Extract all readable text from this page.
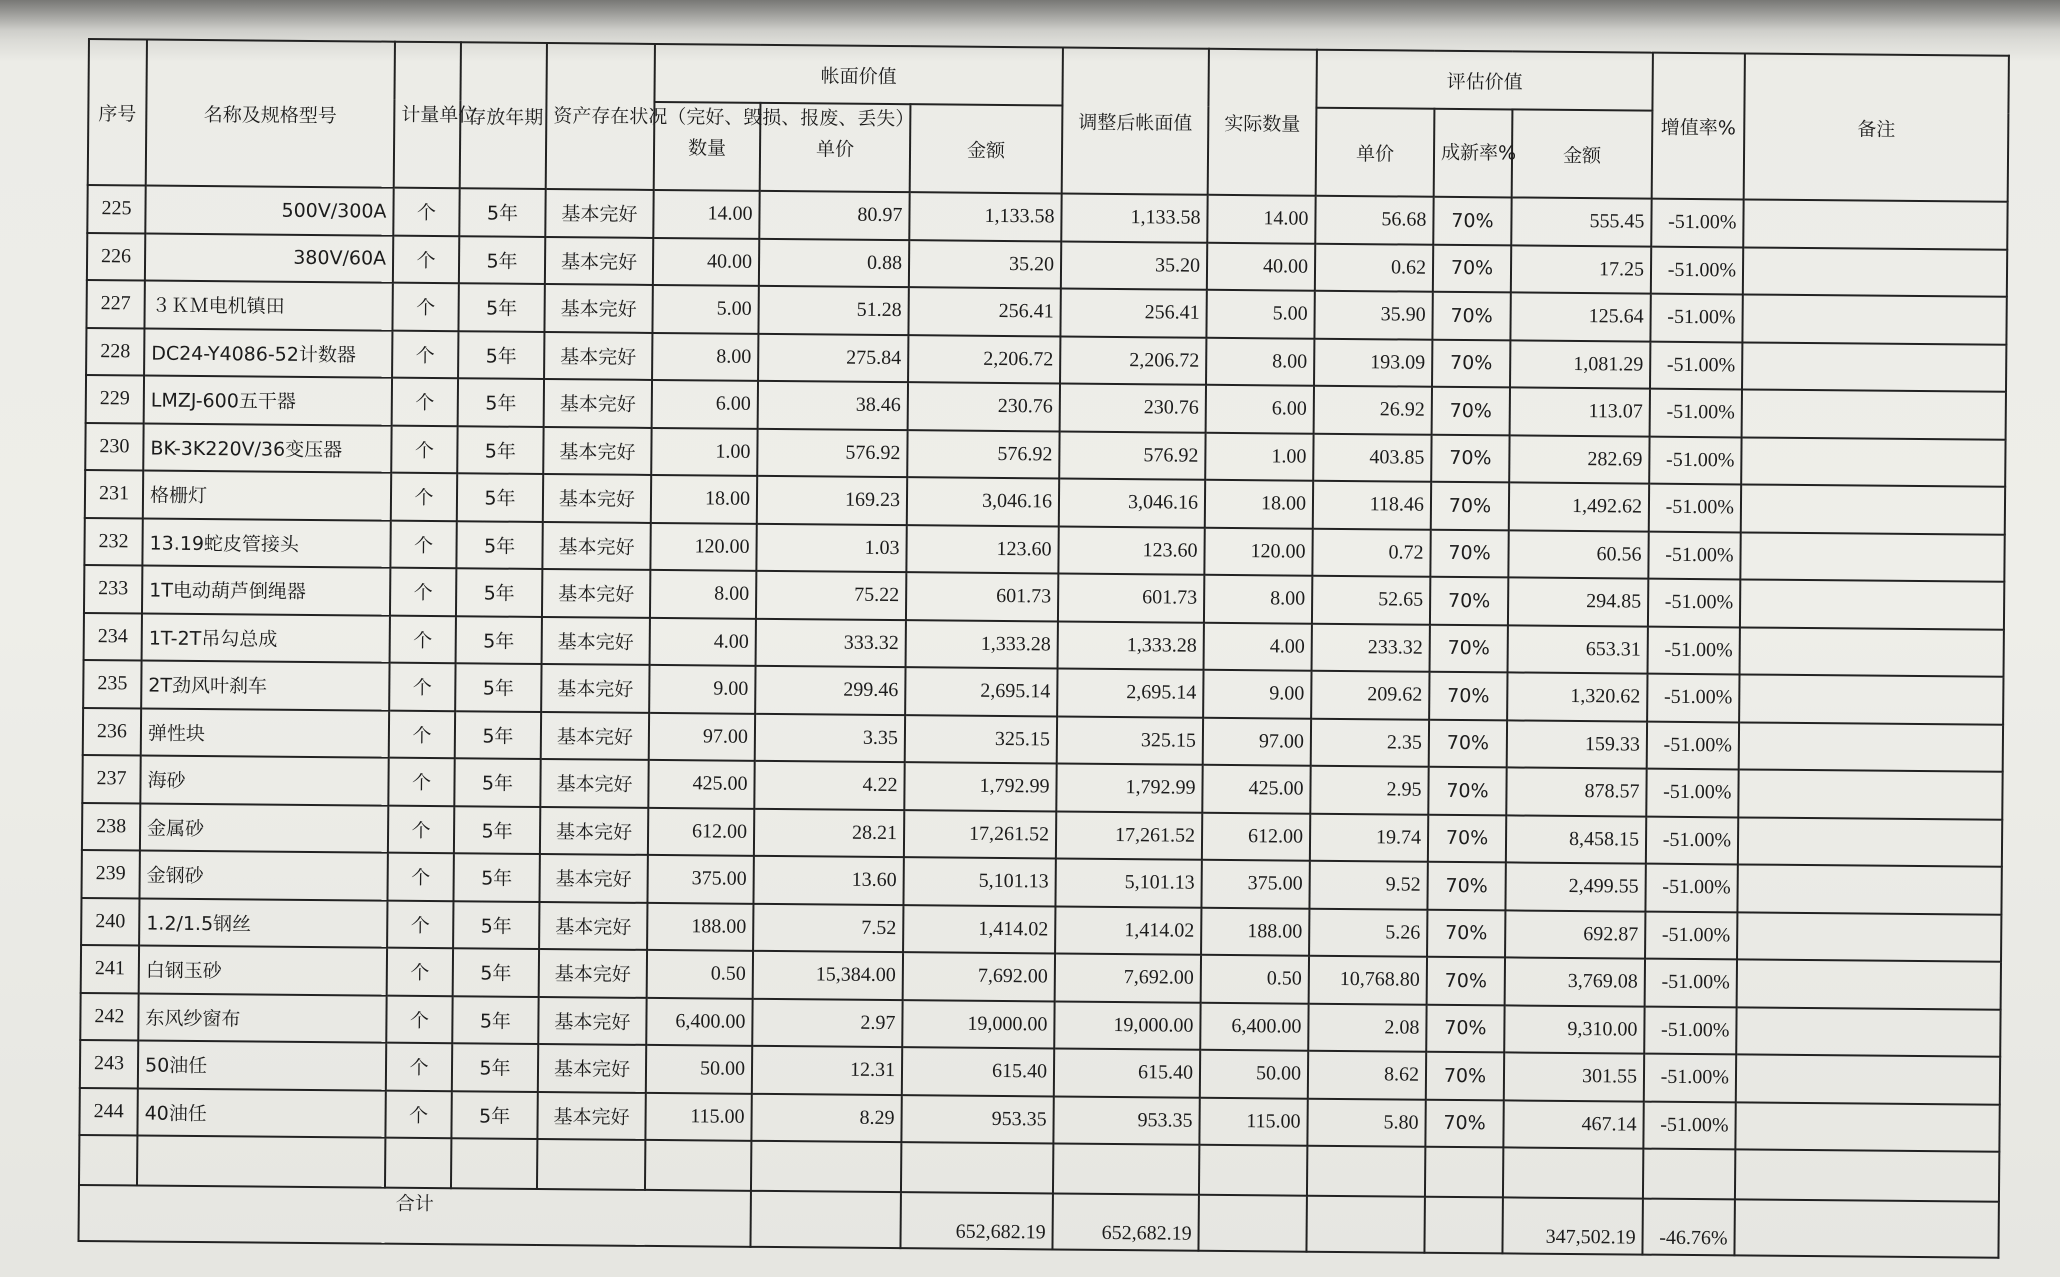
序号	名称及规格型号	计量单位	存放年期	资产存在状况（完好、毁损、报废、丢失）	帐面价值			调整后帐面值	实际数量	评估价值			增值率%	备注
					数量	单价	金额			单价	成新率%	金额		
225	500V/300A	个	5年	基本完好	14.00	80.97	1,133.58	1,133.58	14.00	56.68	70%	555.45	-51.00%	
226	380V/60A	个	5年	基本完好	40.00	0.88	35.20	35.20	40.00	0.62	70%	17.25	-51.00%	
227	３ＫＭ电机镇田	个	5年	基本完好	5.00	51.28	256.41	256.41	5.00	35.90	70%	125.64	-51.00%	
228	DC24-Y4086-52计数器	个	5年	基本完好	8.00	275.84	2,206.72	2,206.72	8.00	193.09	70%	1,081.29	-51.00%	
229	LMZJ-600五干器	个	5年	基本完好	6.00	38.46	230.76	230.76	6.00	26.92	70%	113.07	-51.00%	
230	BK-3K220V/36变压器	个	5年	基本完好	1.00	576.92	576.92	576.92	1.00	403.85	70%	282.69	-51.00%	
231	格栅灯	个	5年	基本完好	18.00	169.23	3,046.16	3,046.16	18.00	118.46	70%	1,492.62	-51.00%	
232	13.19蛇皮管接头	个	5年	基本完好	120.00	1.03	123.60	123.60	120.00	0.72	70%	60.56	-51.00%	
233	1T电动葫芦倒绳器	个	5年	基本完好	8.00	75.22	601.73	601.73	8.00	52.65	70%	294.85	-51.00%	
234	1T-2T吊勾总成	个	5年	基本完好	4.00	333.32	1,333.28	1,333.28	4.00	233.32	70%	653.31	-51.00%	
235	2T劲风叶刹车	个	5年	基本完好	9.00	299.46	2,695.14	2,695.14	9.00	209.62	70%	1,320.62	-51.00%	
236	弹性块	个	5年	基本完好	97.00	3.35	325.15	325.15	97.00	2.35	70%	159.33	-51.00%	
237	海砂	个	5年	基本完好	425.00	4.22	1,792.99	1,792.99	425.00	2.95	70%	878.57	-51.00%	
238	金属砂	个	5年	基本完好	612.00	28.21	17,261.52	17,261.52	612.00	19.74	70%	8,458.15	-51.00%	
239	金钢砂	个	5年	基本完好	375.00	13.60	5,101.13	5,101.13	375.00	9.52	70%	2,499.55	-51.00%	
240	1.2/1.5钢丝	个	5年	基本完好	188.00	7.52	1,414.02	1,414.02	188.00	5.26	70%	692.87	-51.00%	
241	白钢玉砂	个	5年	基本完好	0.50	15,384.00	7,692.00	7,692.00	0.50	10,768.80	70%	3,769.08	-51.00%	
242	东风纱窗布	个	5年	基本完好	6,400.00	2.97	19,000.00	19,000.00	6,400.00	2.08	70%	9,310.00	-51.00%	
243	50油任	个	5年	基本完好	50.00	12.31	615.40	615.40	50.00	8.62	70%	301.55	-51.00%	
244	40油任	个	5年	基本完好	115.00	8.29	953.35	953.35	115.00	5.80	70%	467.14	-51.00%	

合计							652,682.19	652,682.19				347,502.19	-46.76%	
